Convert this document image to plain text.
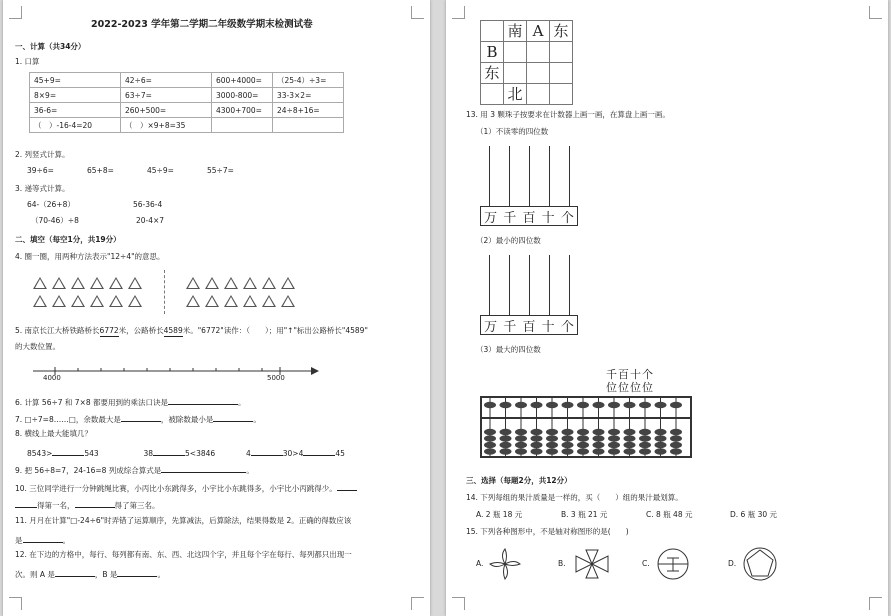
2022-2023 学年第二学期二年级数学期末检测试卷
一、计算（共34分）
1. 口算
45+9=	42÷6=	600+4000=	（25-4）÷3=
8×9=	63÷7=	3000-800=	33-3×2=
36-6=	260+500=	4300+700=	24÷8+16=
（　）-16-4=20	（　）×9+8=35		
2. 列竖式计算。
39÷6=	65+8=	45÷9=	55÷7=
3. 递等式计算。
64-（26+8）	56-36-4
（70-46）÷8	20-4×7
二、填空（每空1分，共19分）
4. 圈一圈，用两种方法表示"12÷4"的意思。
5. 南京长江大桥铁路桥长6772米，公路桥长4589米。"6772"读作：（　　）；用"↑"标出公路桥长"4589"
的大数位置。
4000	5000
6. 计算 56÷7 和 7×8 都要用到的乘法口诀是	。
7. □÷7=8……□，余数最大是	，被除数最小是	。
8. 横线上最大能填几？
8543>	543	38	5<3846	4	30>4	45
9. 把 56÷8=7，24-16=8 列成综合算式是	。
10. 三位同学进行一分钟跳绳比赛，小丙比小东跳得多，小宇比小东跳得多，小宇比小丙跳得少。
得第一名，	得了第三名。
11. 月月在计算"□-24÷6"时弄错了运算顺序，先算减法，后算除法，结果得数是 2。正确的得数应该
是	。
12. 在下边的方格中，每行、每列都有南、东、西、北这四个字，并且每个字在每行、每列都只出现一
次。则 A 是	，B 是	。
	南	A	东
B			
东			
	北		
13. 用 3 颗珠子按要求在计数器上画一画，在算盘上画一画。
（1）不读零的四位数
万 千 百 十 个
（2）最小的四位数
万 千 百 十 个
（3）最大的四位数
千百十个
位位位位
三、选择（每题2分，共12分）
14. 下列每组的果汁质量是一样的，买（　　）组的果汁最划算。
A. 2 瓶 18 元	B. 3 瓶 21 元	C. 8 瓶 48 元	D. 6 瓶 30 元
15. 下列各种图形中，不是轴对称图形的是(　　)
A.	B.	C.	D.
